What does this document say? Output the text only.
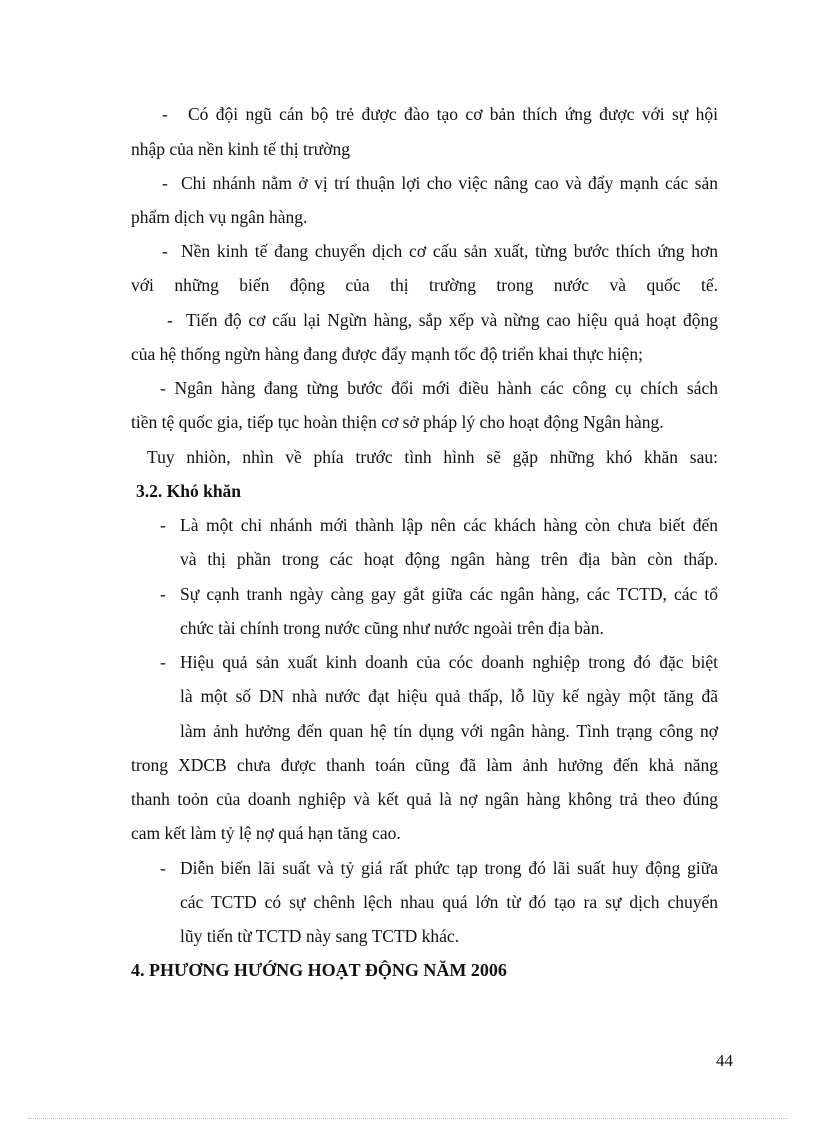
-
-
-
-
-
-
-
-

Có đội ngũ cán bộ trẻ được đào tạo cơ bản thích ứng được với sự hội

nhập của nền kinh tế thị trường

Chi nhánh nằm ở vị trí thuận lợi cho việc nâng cao và đẩy mạnh các sản

phẩm dịch vụ ngân hàng.

Nền kinh tế đang chuyển dịch cơ cấu sản xuất, từng bước thích ứng hơn

với những biến động của thị trường trong nước và quốc tế.

Tiến độ cơ cấu lại Ngừn hàng, sắp xếp và nừng cao hiệu quả hoạt động

của hệ thống ngừn hàng đang được đẩy mạnh tốc độ triển khai thực hiện;

- Ngân hàng đang từng bước đổi mới điều hành các công cụ chích sách

tiền tệ quốc gia, tiếp tục hoàn thiện cơ sở pháp lý cho hoạt động Ngân hàng.

Tuy nhiòn, nhìn về phía trước tình hình sẽ gặp những khó khăn sau:

3.2. Khó khăn

Là một chi nhánh mới thành lập nên các khách hàng còn chưa biết đến

và thị phần trong các hoạt động ngân hàng trên địa bàn còn thấp.

Sự cạnh tranh ngày càng gay gắt giữa các ngân hàng, các TCTD, các tổ

chức tài chính trong nước cũng như nước ngoài trên địa bàn.

Hiệu quả sản xuất kinh doanh của cóc doanh nghiệp trong đó đặc biệt

là một số DN nhà nước đạt hiệu quả thấp, lỗ lũy kế ngày một tăng đã

làm ảnh hưởng đến quan hệ tín dụng với ngân hàng. Tình trạng công nợ

trong XDCB chưa được thanh toán cũng đã làm ảnh hưởng đến khả năng

thanh toỏn của doanh nghiệp và kết quả là nợ ngân hàng không trả theo đúng

cam kết làm tỷ lệ nợ quá hạn tăng cao.

Diễn biến lãi suất và tỷ giá rất phức tạp trong đó lãi suất huy động giữa

các TCTD có sự chênh lệch nhau quá lớn từ đó tạo ra sự dịch chuyển

lũy tiến từ TCTD này sang TCTD khác.

4. PHƯƠNG HƯỚNG HOẠT ĐỘNG NĂM 2006

44
